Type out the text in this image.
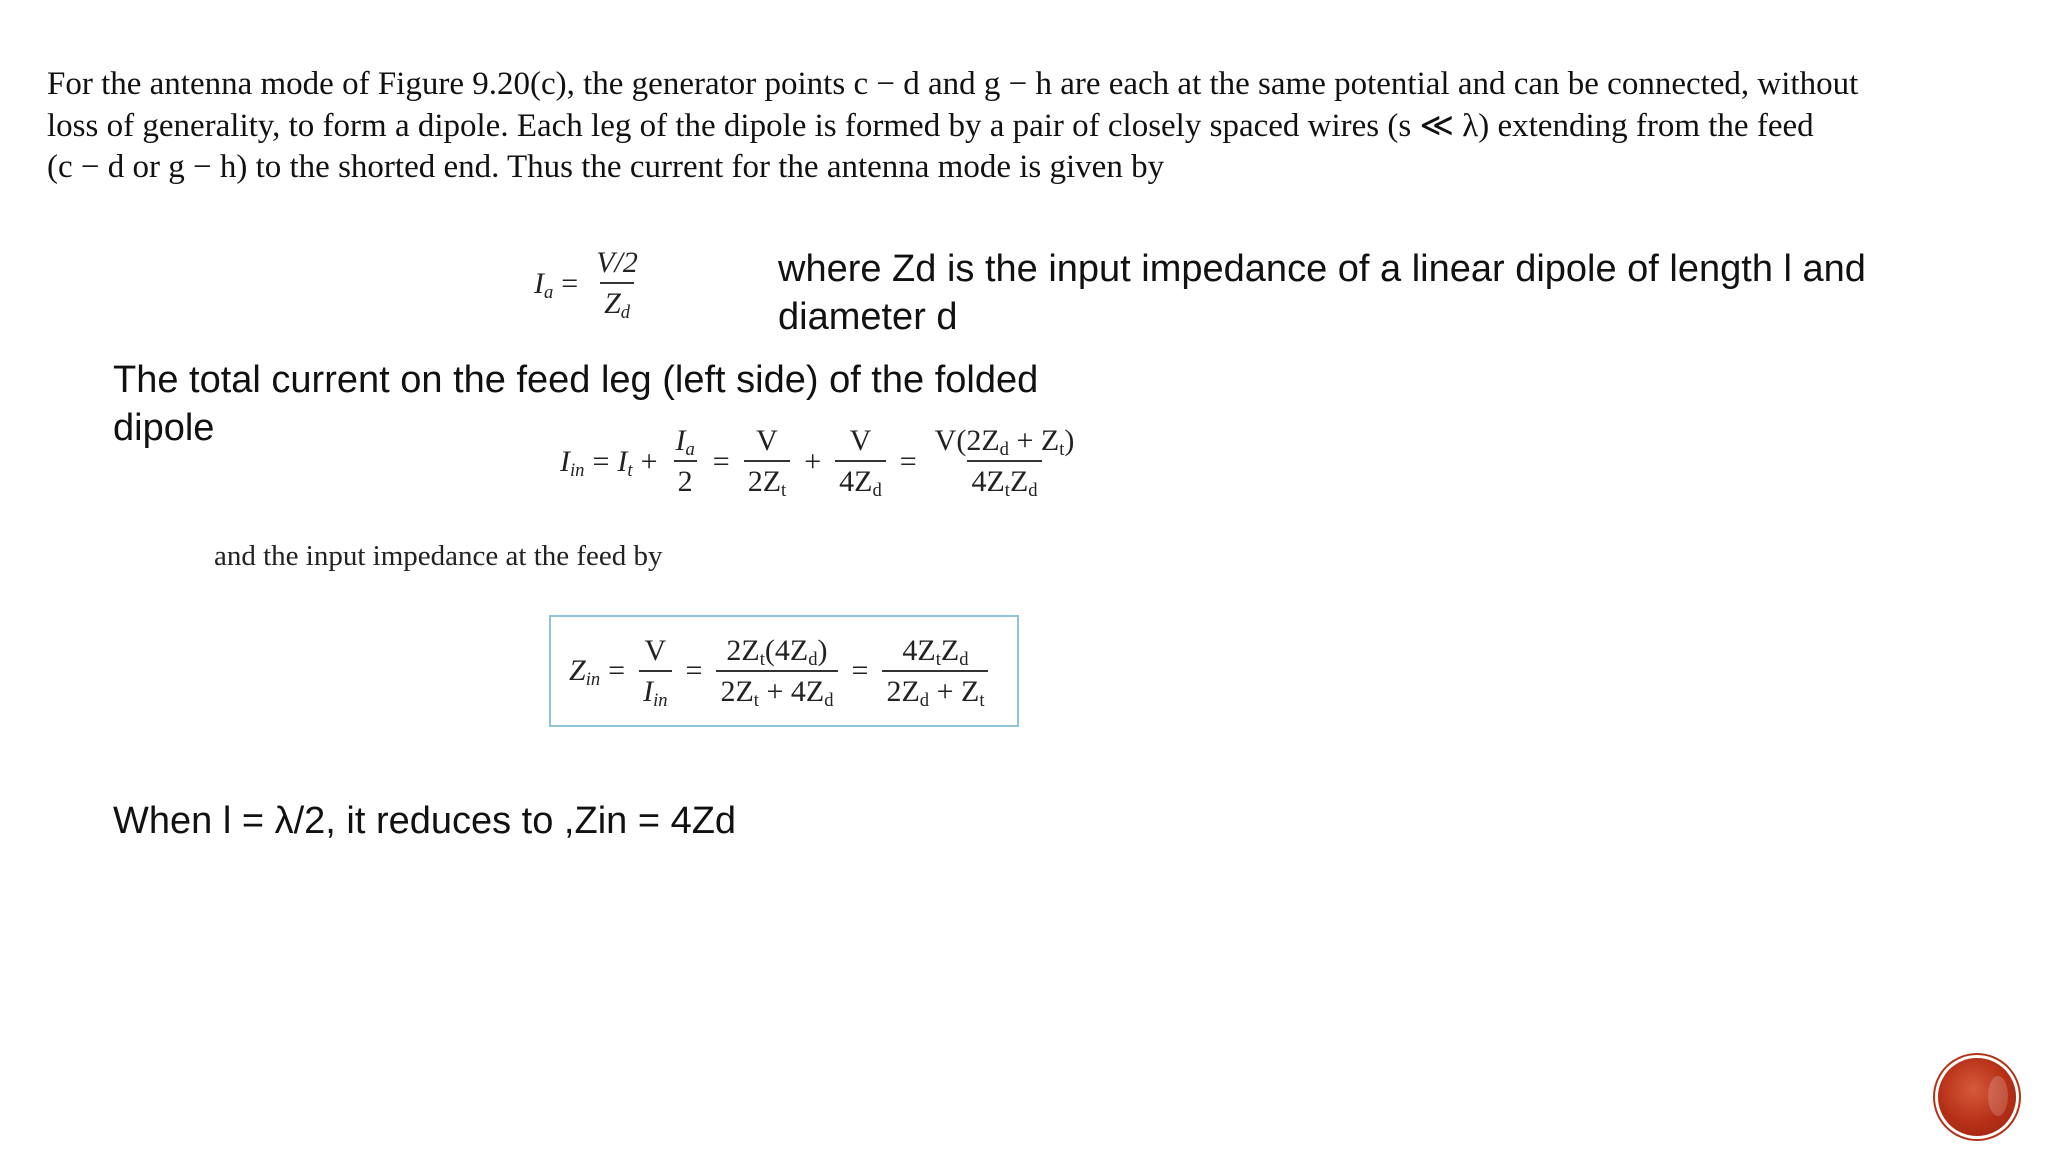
For the antenna mode of Figure 9.20(c), the generator points c − d and g − h are each at the same potential and can be connected, without
loss of generality, to form a dipole. Each leg of the dipole is formed by a pair of closely spaced wires (s ≪ λ) extending from the feed
(c − d or g − h) to the shorted end. Thus the current for the antenna mode is given by
$I_a = \frac{V/2}{Z_d}$	where Zd is the input impedance of a linear dipole of length l and
diameter d
The total current on the feed leg (left side) of the folded
dipole
$I_{in} = I_t + \frac{I_a}{2} = \frac{V}{2Z_t} + \frac{V}{4Z_d} = \frac{V(2Z_d + Z_t)}{4Z_tZ_d}$
and the input impedance at the feed by
$Z_{in} = \frac{V}{I_{in}} = \frac{2Z_t(4Z_d)}{2Z_t + 4Z_d} = \frac{4Z_tZ_d}{2Z_d + Z_t}$
When l = λ/2, it reduces to ,Zin = 4Zd
